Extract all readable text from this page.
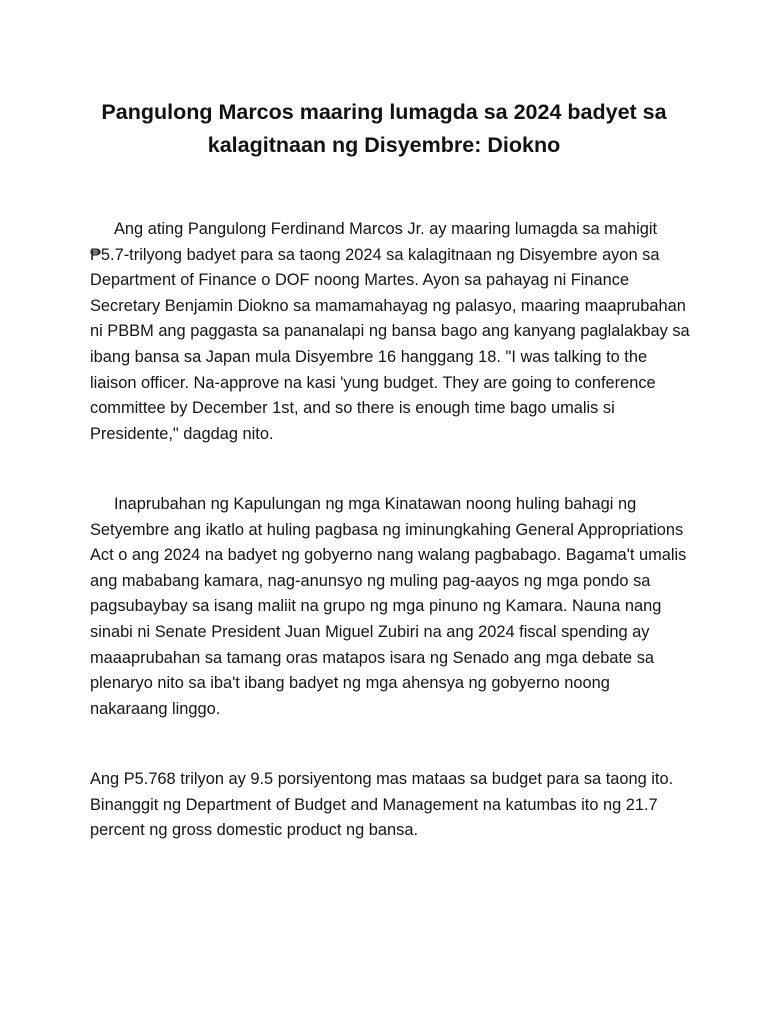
Pangulong Marcos maaring lumagda sa 2024 badyet sa kalagitnaan ng Disyembre: Diokno

Ang ating Pangulong Ferdinand Marcos Jr. ay maaring lumagda sa mahigit ₱5.7-trilyong badyet para sa taong 2024 sa kalagitnaan ng Disyembre ayon sa Department of Finance o DOF noong Martes. Ayon sa pahayag ni Finance Secretary Benjamin Diokno sa mamamahayag ng palasyo, maaring maaprubahan ni PBBM ang paggasta sa pananalapi ng bansa bago ang kanyang paglalakbay sa ibang bansa sa Japan mula Disyembre 16 hanggang 18. "I was talking to the liaison officer. Na-approve na kasi 'yung budget. They are going to conference committee by December 1st, and so there is enough time bago umalis si Presidente," dagdag nito.

Inaprubahan ng Kapulungan ng mga Kinatawan noong huling bahagi ng Setyembre ang ikatlo at huling pagbasa ng iminungkahing General Appropriations Act o ang 2024 na badyet ng gobyerno nang walang pagbabago. Bagama't umalis ang mababang kamara, nag-anunsyo ng muling pag-aayos ng mga pondo sa pagsubaybay sa isang maliit na grupo ng mga pinuno ng Kamara. Nauna nang sinabi ni Senate President Juan Miguel Zubiri na ang 2024 fiscal spending ay maaaprubahan sa tamang oras matapos isara ng Senado ang mga debate sa plenaryo nito sa iba't ibang badyet ng mga ahensya ng gobyerno noong nakaraang linggo.

Ang P5.768 trilyon ay 9.5 porsiyentong mas mataas sa budget para sa taong ito. Binanggit ng Department of Budget and Management na katumbas ito ng 21.7 percent ng gross domestic product ng bansa.
